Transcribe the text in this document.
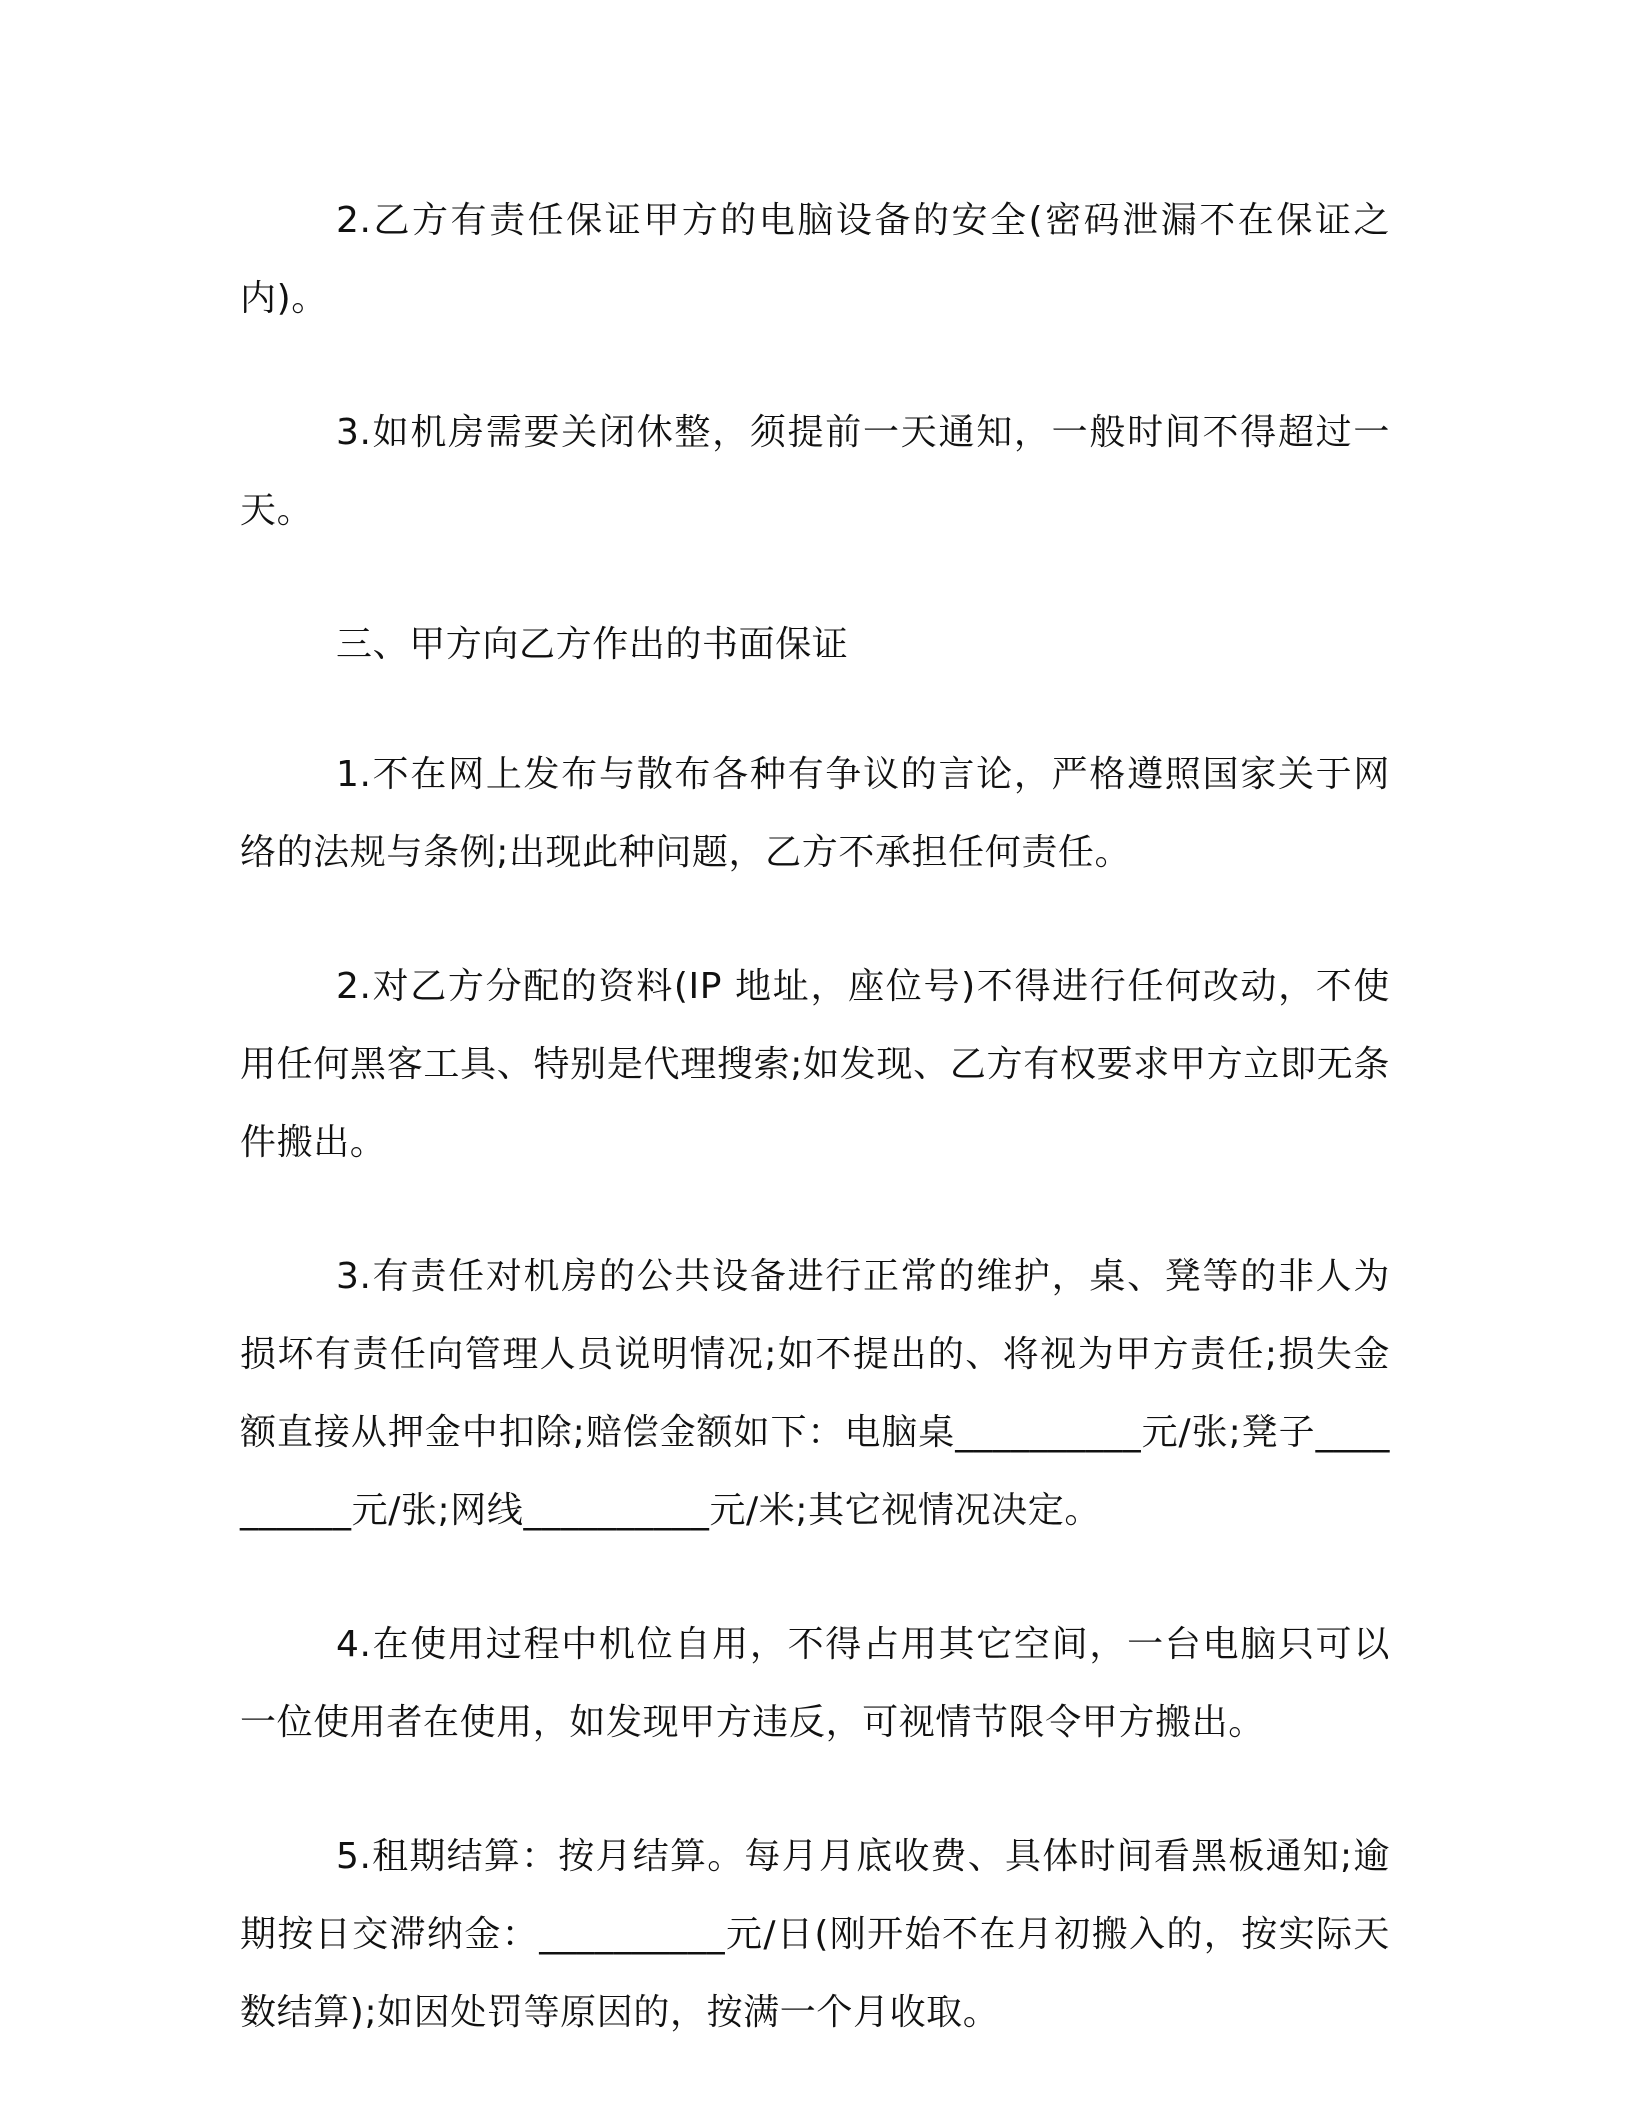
2.乙方有责任保证甲方的电脑设备的安全(密码泄漏不在保证之内)。

3.如机房需要关闭休整，须提前一天通知，一般时间不得超过一天。

三、甲方向乙方作出的书面保证

1.不在网上发布与散布各种有争议的言论，严格遵照国家关于网络的法规与条例;出现此种问题，乙方不承担任何责任。

2.对乙方分配的资料(IP 地址，座位号)不得进行任何改动，不使用任何黑客工具、特别是代理搜索;如发现、乙方有权要求甲方立即无条件搬出。

3.有责任对机房的公共设备进行正常的维护，桌、凳等的非人为损坏有责任向管理人员说明情况;如不提出的、将视为甲方责任;损失金额直接从押金中扣除;赔偿金额如下：电脑桌__________元/张;凳子__________元/张;网线__________元/米;其它视情况决定。

4.在使用过程中机位自用，不得占用其它空间，一台电脑只可以一位使用者在使用，如发现甲方违反，可视情节限令甲方搬出。

5.租期结算：按月结算。每月月底收费、具体时间看黑板通知;逾期按日交滞纳金：__________元/日(刚开始不在月初搬入的，按实际天数结算);如因处罚等原因的，按满一个月收取。
